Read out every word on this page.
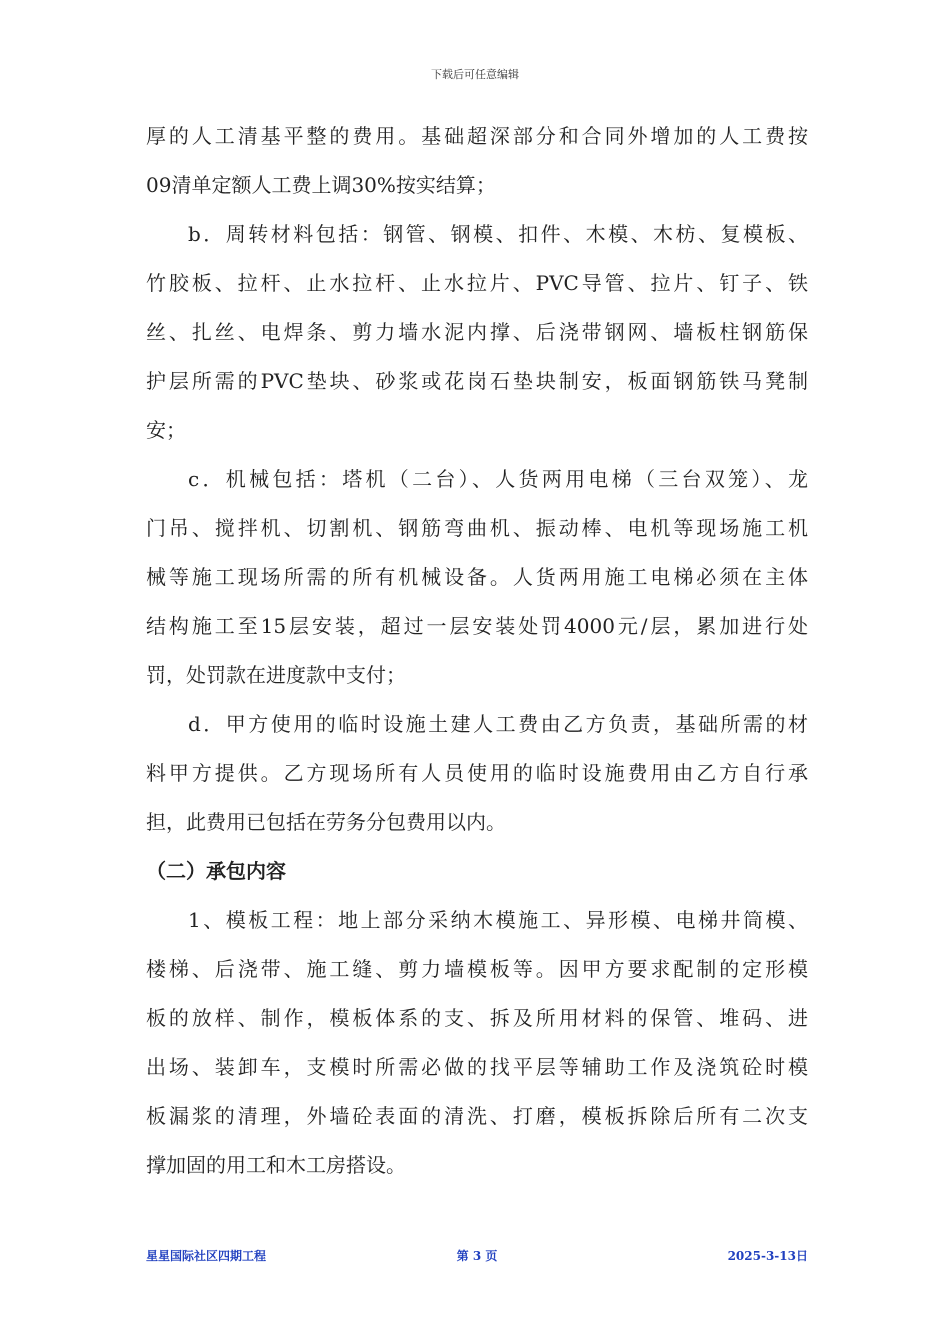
下载后可任意编辑
厚的人工清基平整的费用。基础超深部分和合同外增加的人工费按
09清单定额人工费上调30%按实结算；
b．周转材料包括：钢管、钢模、扣件、木模、木枋、复模板、
竹胶板、拉杆、止水拉杆、止水拉片、PVC导管、拉片、钉子、铁
丝、扎丝、电焊条、剪力墙水泥内撑、后浇带钢网、墙板柱钢筋保
护层所需的PVC垫块、砂浆或花岗石垫块制安，板面钢筋铁马凳制
安；
c．机械包括：塔机（二台）、人货两用电梯（三台双笼）、龙
门吊、搅拌机、切割机、钢筋弯曲机、振动棒、电机等现场施工机
械等施工现场所需的所有机械设备。人货两用施工电梯必须在主体
结构施工至15层安装，超过一层安装处罚4000元/层，累加进行处
罚，处罚款在进度款中支付；
d．甲方使用的临时设施土建人工费由乙方负责，基础所需的材
料甲方提供。乙方现场所有人员使用的临时设施费用由乙方自行承
担，此费用已包括在劳务分包费用以内。
（二）承包内容
1、模板工程：地上部分采纳木模施工、异形模、电梯井筒模、
楼梯、后浇带、施工缝、剪力墙模板等。因甲方要求配制的定形模
板的放样、制作，模板体系的支、拆及所用材料的保管、堆码、进
出场、装卸车，支模时所需必做的找平层等辅助工作及浇筑砼时模
板漏浆的清理，外墙砼表面的清洗、打磨，模板拆除后所有二次支
撑加固的用工和木工房搭设。
星星国际社区四期工程	第 3 页	2025-3-13日
